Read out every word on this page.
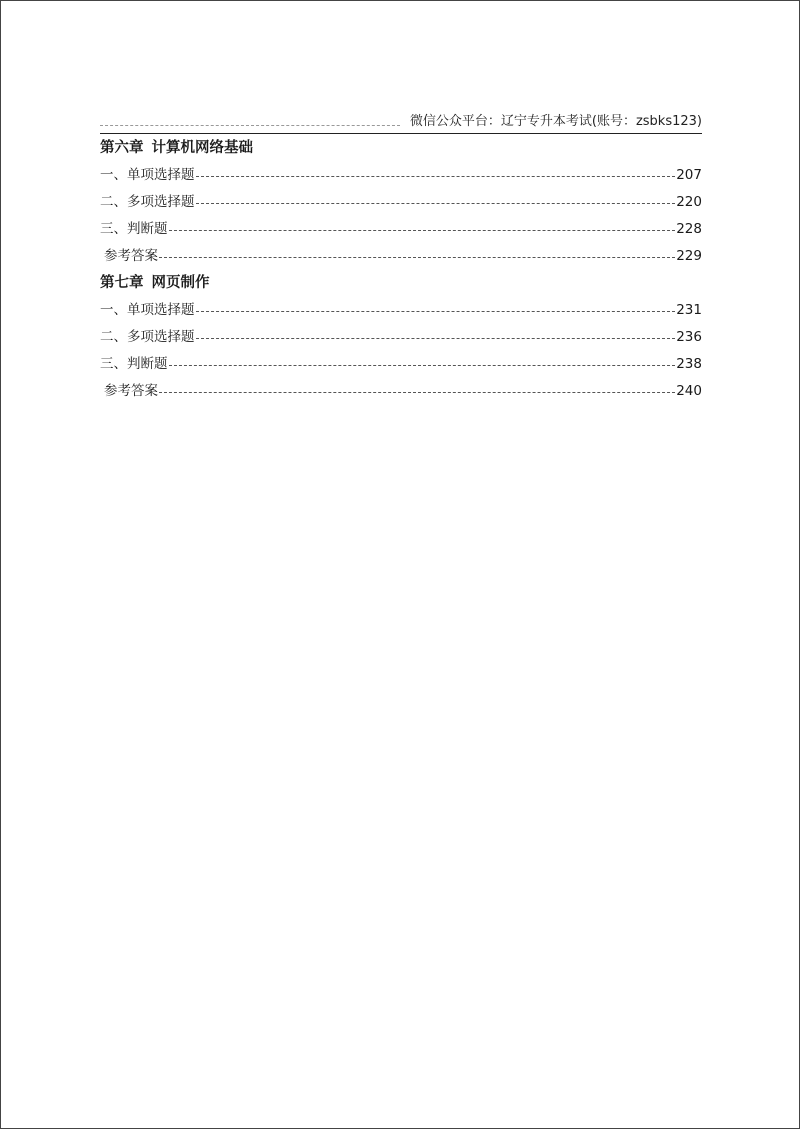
微信公众平台：辽宁专升本考试(账号：zsbks123)
第六章 计算机网络基础
一、单项选择题	207
二、多项选择题	220
三、判断题	228
参考答案	229
第七章 网页制作
一、单项选择题	231
二、多项选择题	236
三、判断题	238
参考答案	240
